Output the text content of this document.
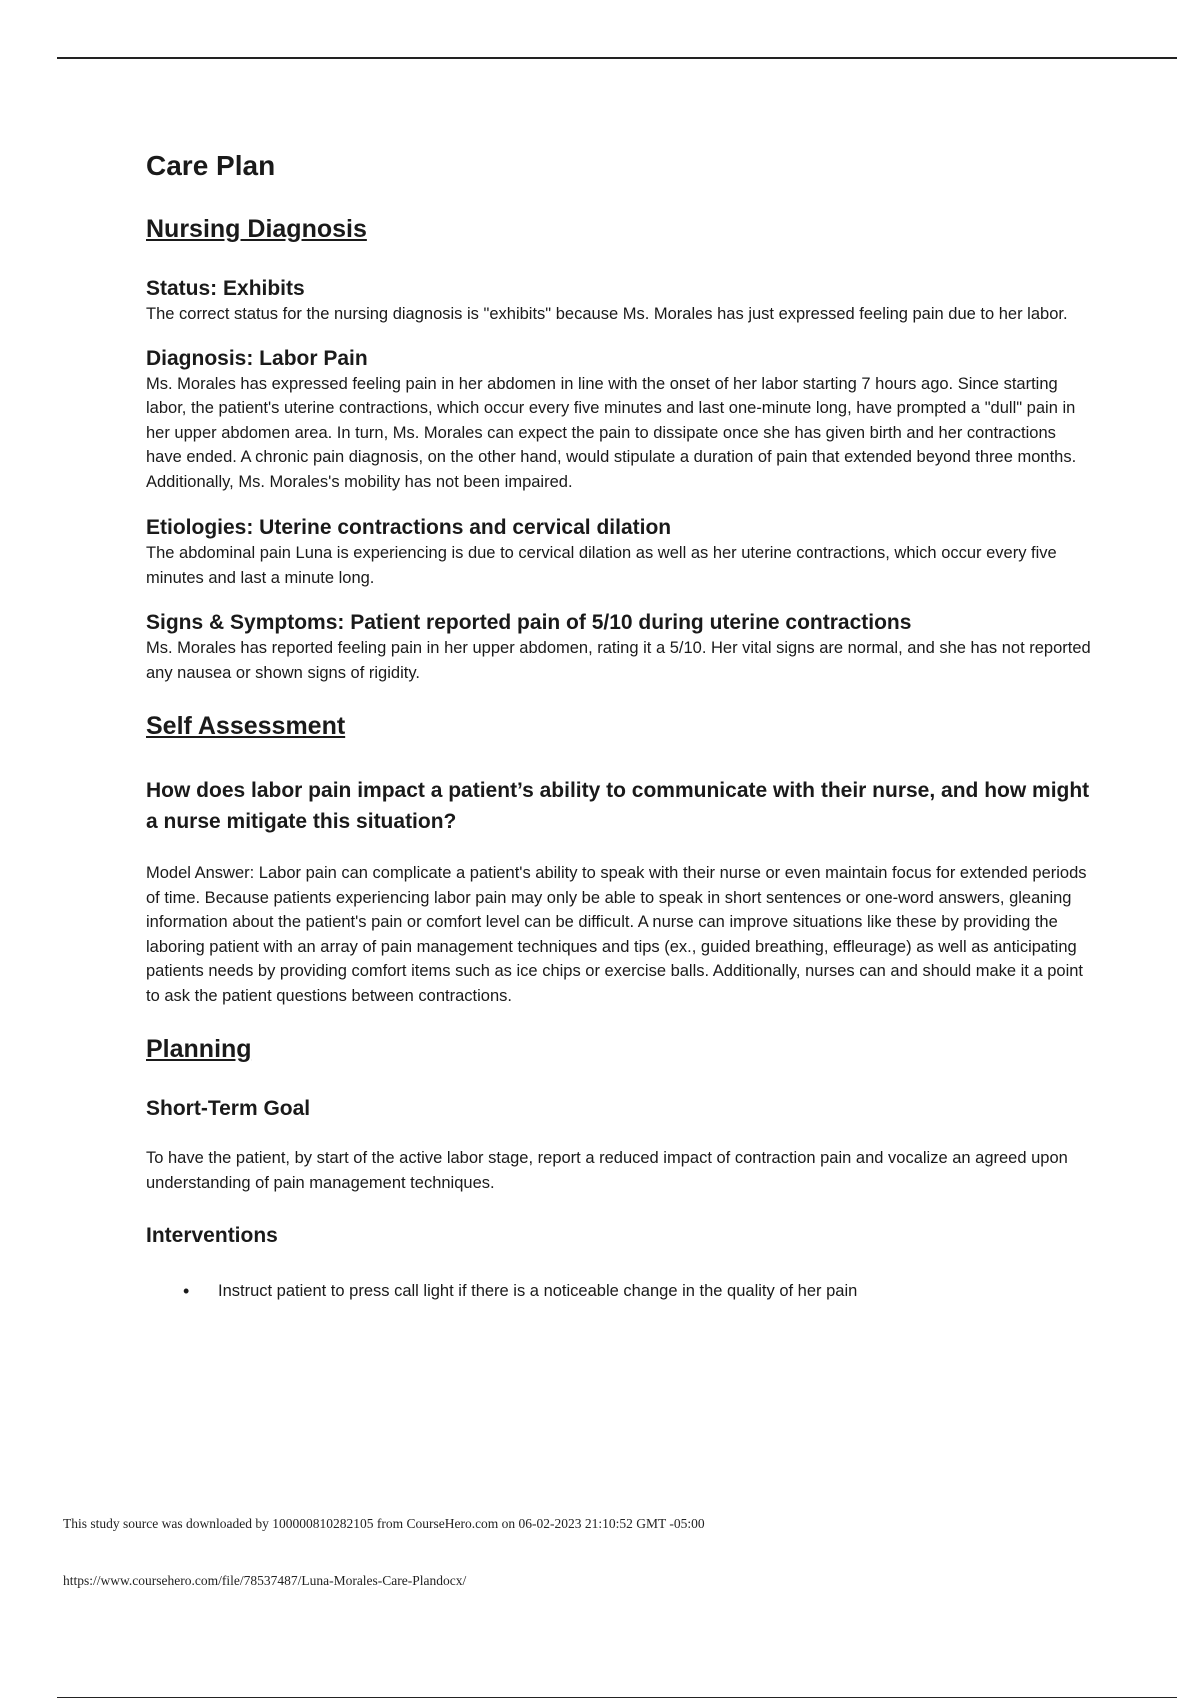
Care Plan
Nursing Diagnosis
Status: Exhibits

The correct status for the nursing diagnosis is "exhibits" because Ms. Morales has just expressed feeling pain due to her labor.

Diagnosis: Labor Pain

Ms. Morales has expressed feeling pain in her abdomen in line with the onset of her labor starting 7 hours ago. Since starting labor, the patient's uterine contractions, which occur every five minutes and last one-minute long, have prompted a "dull" pain in her upper abdomen area. In turn, Ms. Morales can expect the pain to dissipate once she has given birth and her contractions have ended. A chronic pain diagnosis, on the other hand, would stipulate a duration of pain that extended beyond three months. Additionally, Ms. Morales's mobility has not been impaired.

Etiologies: Uterine contractions and cervical dilation

The abdominal pain Luna is experiencing is due to cervical dilation as well as her uterine contractions, which occur every five minutes and last a minute long.

Signs & Symptoms: Patient reported pain of 5/10 during uterine contractions

Ms. Morales has reported feeling pain in her upper abdomen, rating it a 5/10. Her vital signs are normal, and she has not reported any nausea or shown signs of rigidity.

Self Assessment
How does labor pain impact a patient’s ability to communicate with their nurse, and how might a nurse mitigate this situation?

Model Answer: Labor pain can complicate a patient's ability to speak with their nurse or even maintain focus for extended periods of time. Because patients experiencing labor pain may only be able to speak in short sentences or one-word answers, gleaning information about the patient's pain or comfort level can be difficult. A nurse can improve situations like these by providing the laboring patient with an array of pain management techniques and tips (ex., guided breathing, effleurage) as well as anticipating patients needs by providing comfort items such as ice chips or exercise balls. Additionally, nurses can and should make it a point to ask the patient questions between contractions.

Planning
Short-Term Goal

To have the patient, by start of the active labor stage, report a reduced impact of contraction pain and vocalize an agreed upon understanding of pain management techniques.

Interventions
• Instruct patient to press call light if there is a noticeable change in the quality of her pain
This study source was downloaded by 100000810282105 from CourseHero.com on 06-02-2023 21:10:52 GMT -05:00
https://www.coursehero.com/file/78537487/Luna-Morales-Care-Plandocx/
